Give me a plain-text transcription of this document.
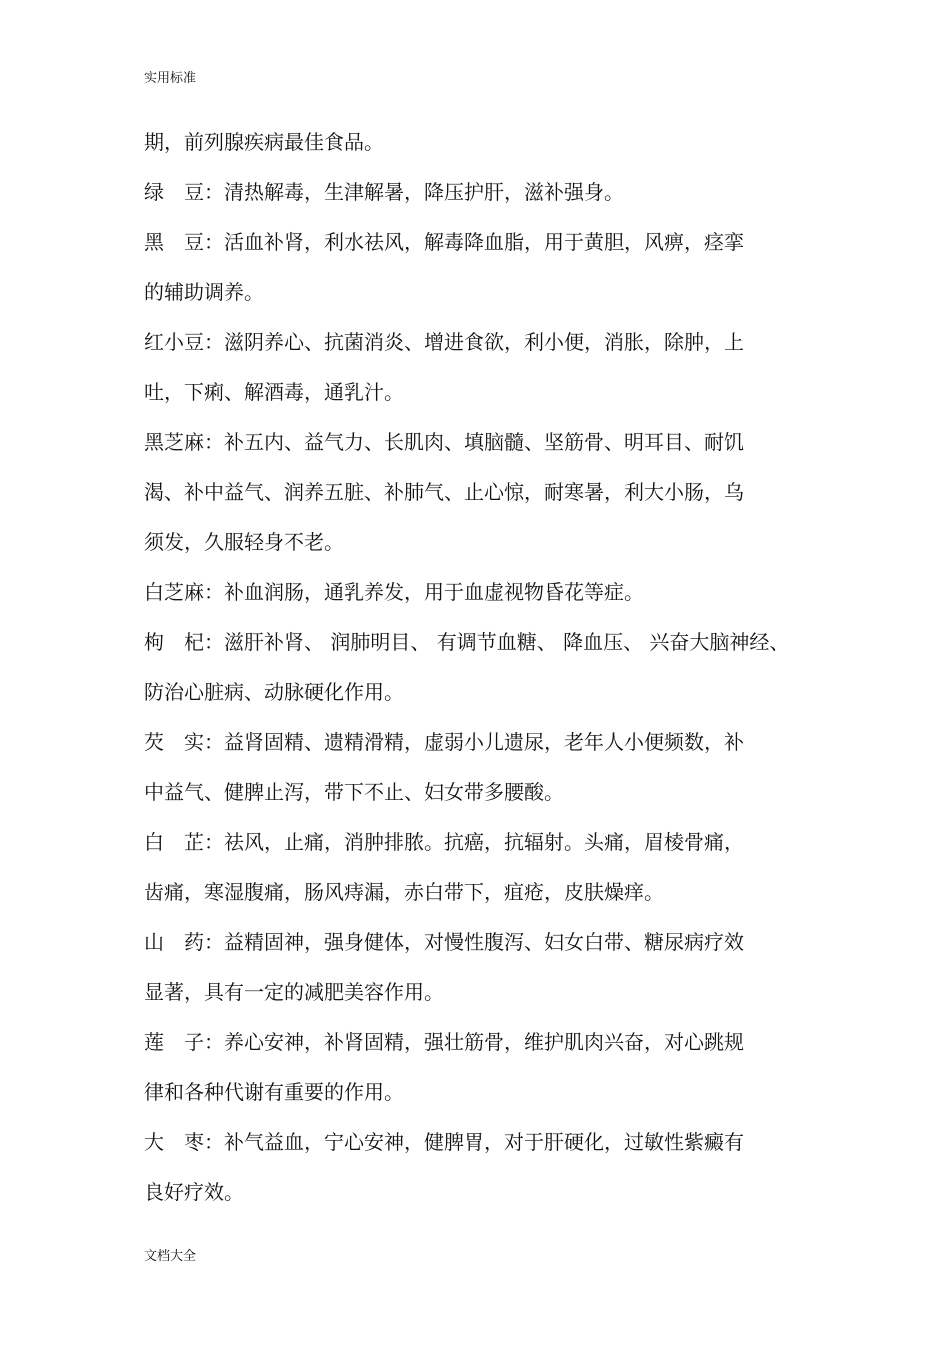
实用标准
期，前列腺疾病最佳食品。
绿　豆：清热解毒，生津解暑，降压护肝，滋补强身。
黑　豆：活血补肾，利水祛风，解毒降血脂，用于黄胆，风痹，痉挛
的辅助调养。
红小豆：滋阴养心、抗菌消炎、增进食欲，利小便，消胀，除肿，上
吐，下痢、解酒毒，通乳汁。
黑芝麻：补五内、益气力、长肌肉、填脑髓、坚筋骨、明耳目、耐饥
渴、补中益气、润养五脏、补肺气、止心惊，耐寒暑，利大小肠，乌
须发，久服轻身不老。
白芝麻：补血润肠，通乳养发，用于血虚视物昏花等症。
枸　杞：滋肝补肾、 润肺明目、 有调节血糖、 降血压、 兴奋大脑神经、
防治心脏病、动脉硬化作用。
芡　实：益肾固精、遗精滑精，虚弱小儿遗尿，老年人小便频数，补
中益气、健脾止泻，带下不止、妇女带多腰酸。
白　芷：祛风，止痛，消肿排脓。抗癌，抗辐射。头痛，眉棱骨痛，
齿痛，寒湿腹痛，肠风痔漏，赤白带下，疽疮，皮肤燥痒。
山　药：益精固神，强身健体，对慢性腹泻、妇女白带、糖尿病疗效
显著，具有一定的减肥美容作用。
莲　子：养心安神，补肾固精，强壮筋骨，维护肌肉兴奋，对心跳规
律和各种代谢有重要的作用。
大　枣：补气益血，宁心安神，健脾胃，对于肝硬化，过敏性紫癜有
良好疗效。
文档大全
